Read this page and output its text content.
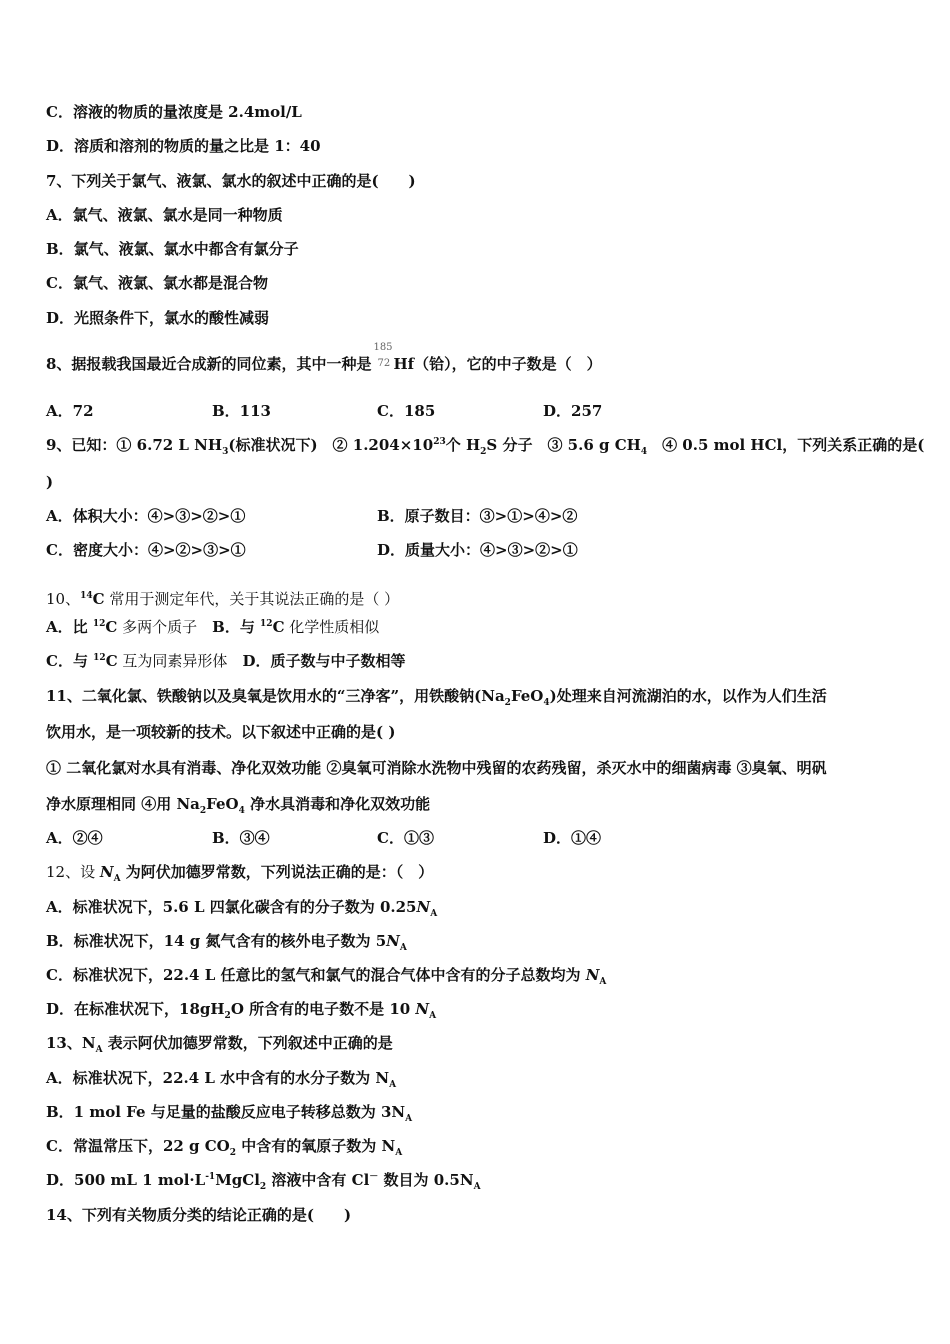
C．溶液的物质的量浓度是 2.4mol/L
D．溶质和溶剂的物质的量之比是 1：40
7、下列关于氯气、液氯、氯水的叙述中正确的是(　　)
A．氯气、液氯、氯水是同一种物质
B．氯气、液氯、氯水中都含有氯分子
C．氯气、液氯、氯水都是混合物
D．光照条件下，氯水的酸性减弱
8、据报载我国最近合成新的同位素，其中一种是
185
72 Hf（铪），它的中子数是（　）
A．72	B．113	C．185	D．257
9、已知：① 6.72 L $NH_3$(标准状况下)　② $1.204\times 10^{23}$个 $H_2S$ 分子　③ 5.6 g $CH_4$　④ 0.5 mol HCl，下列关系正确的是(
)
A．体积大小：④>③>②>①	B．原子数目：③>①>④>②
C．密度大小：④>②>③>①	D．质量大小：④>③>②>①
10、$^{14}$C 常用于测定年代，关于其说法正确的是（ ）
A．比 $^{12}$C 多两个质子　B．与 $^{12}$C 化学性质相似
C．与 $^{12}$C 互为同素异形体　D．质子数与中子数相等
11、二氧化氯、铁酸钠以及臭氧是饮用水的“三净客”，用铁酸钠$(Na_2FeO_4)$处理来自河流湖泊的水，以作为人们生活
饮用水，是一项较新的技术。以下叙述中正确的是( )
① 二氧化氯对水具有消毒、净化双效功能 ②臭氧可消除水洗物中残留的农药残留，杀灭水中的细菌病毒 ③臭氧、明矾
净水原理相同 ④用 $Na_2FeO_4$ 净水具消毒和净化双效功能
A．②④	B．③④	C．①③	D．①④
12、设 $N_A$ 为阿伏加德罗常数，下列说法正确的是：（　）
A．标准状况下，5.6 L 四氯化碳含有的分子数为 $0.25N_A$
B．标准状况下，14 g 氮气含有的核外电子数为 $5N_A$
C．标准状况下，22.4 L 任意比的氢气和氯气的混合气体中含有的分子总数均为 $N_A$
D．在标准状况下，$18gH_2O$ 所含有的电子数不是 10 $N_A$
13、$N_A$ 表示阿伏加德罗常数，下列叙述中正确的是
A．标准状况下，22.4 L 水中含有的水分子数为 $N_A$
B．1 mol Fe 与足量的盐酸反应电子转移总数为 $3N_A$
C．常温常压下，22 g $CO_2$ 中含有的氧原子数为 $N_A$
D．500 mL 1 $mol\cdot L^{-1}MgCl_2$ 溶液中含有 Cl－ 数目为 $0.5N_A$
14、下列有关物质分类的结论正确的是(　　)
